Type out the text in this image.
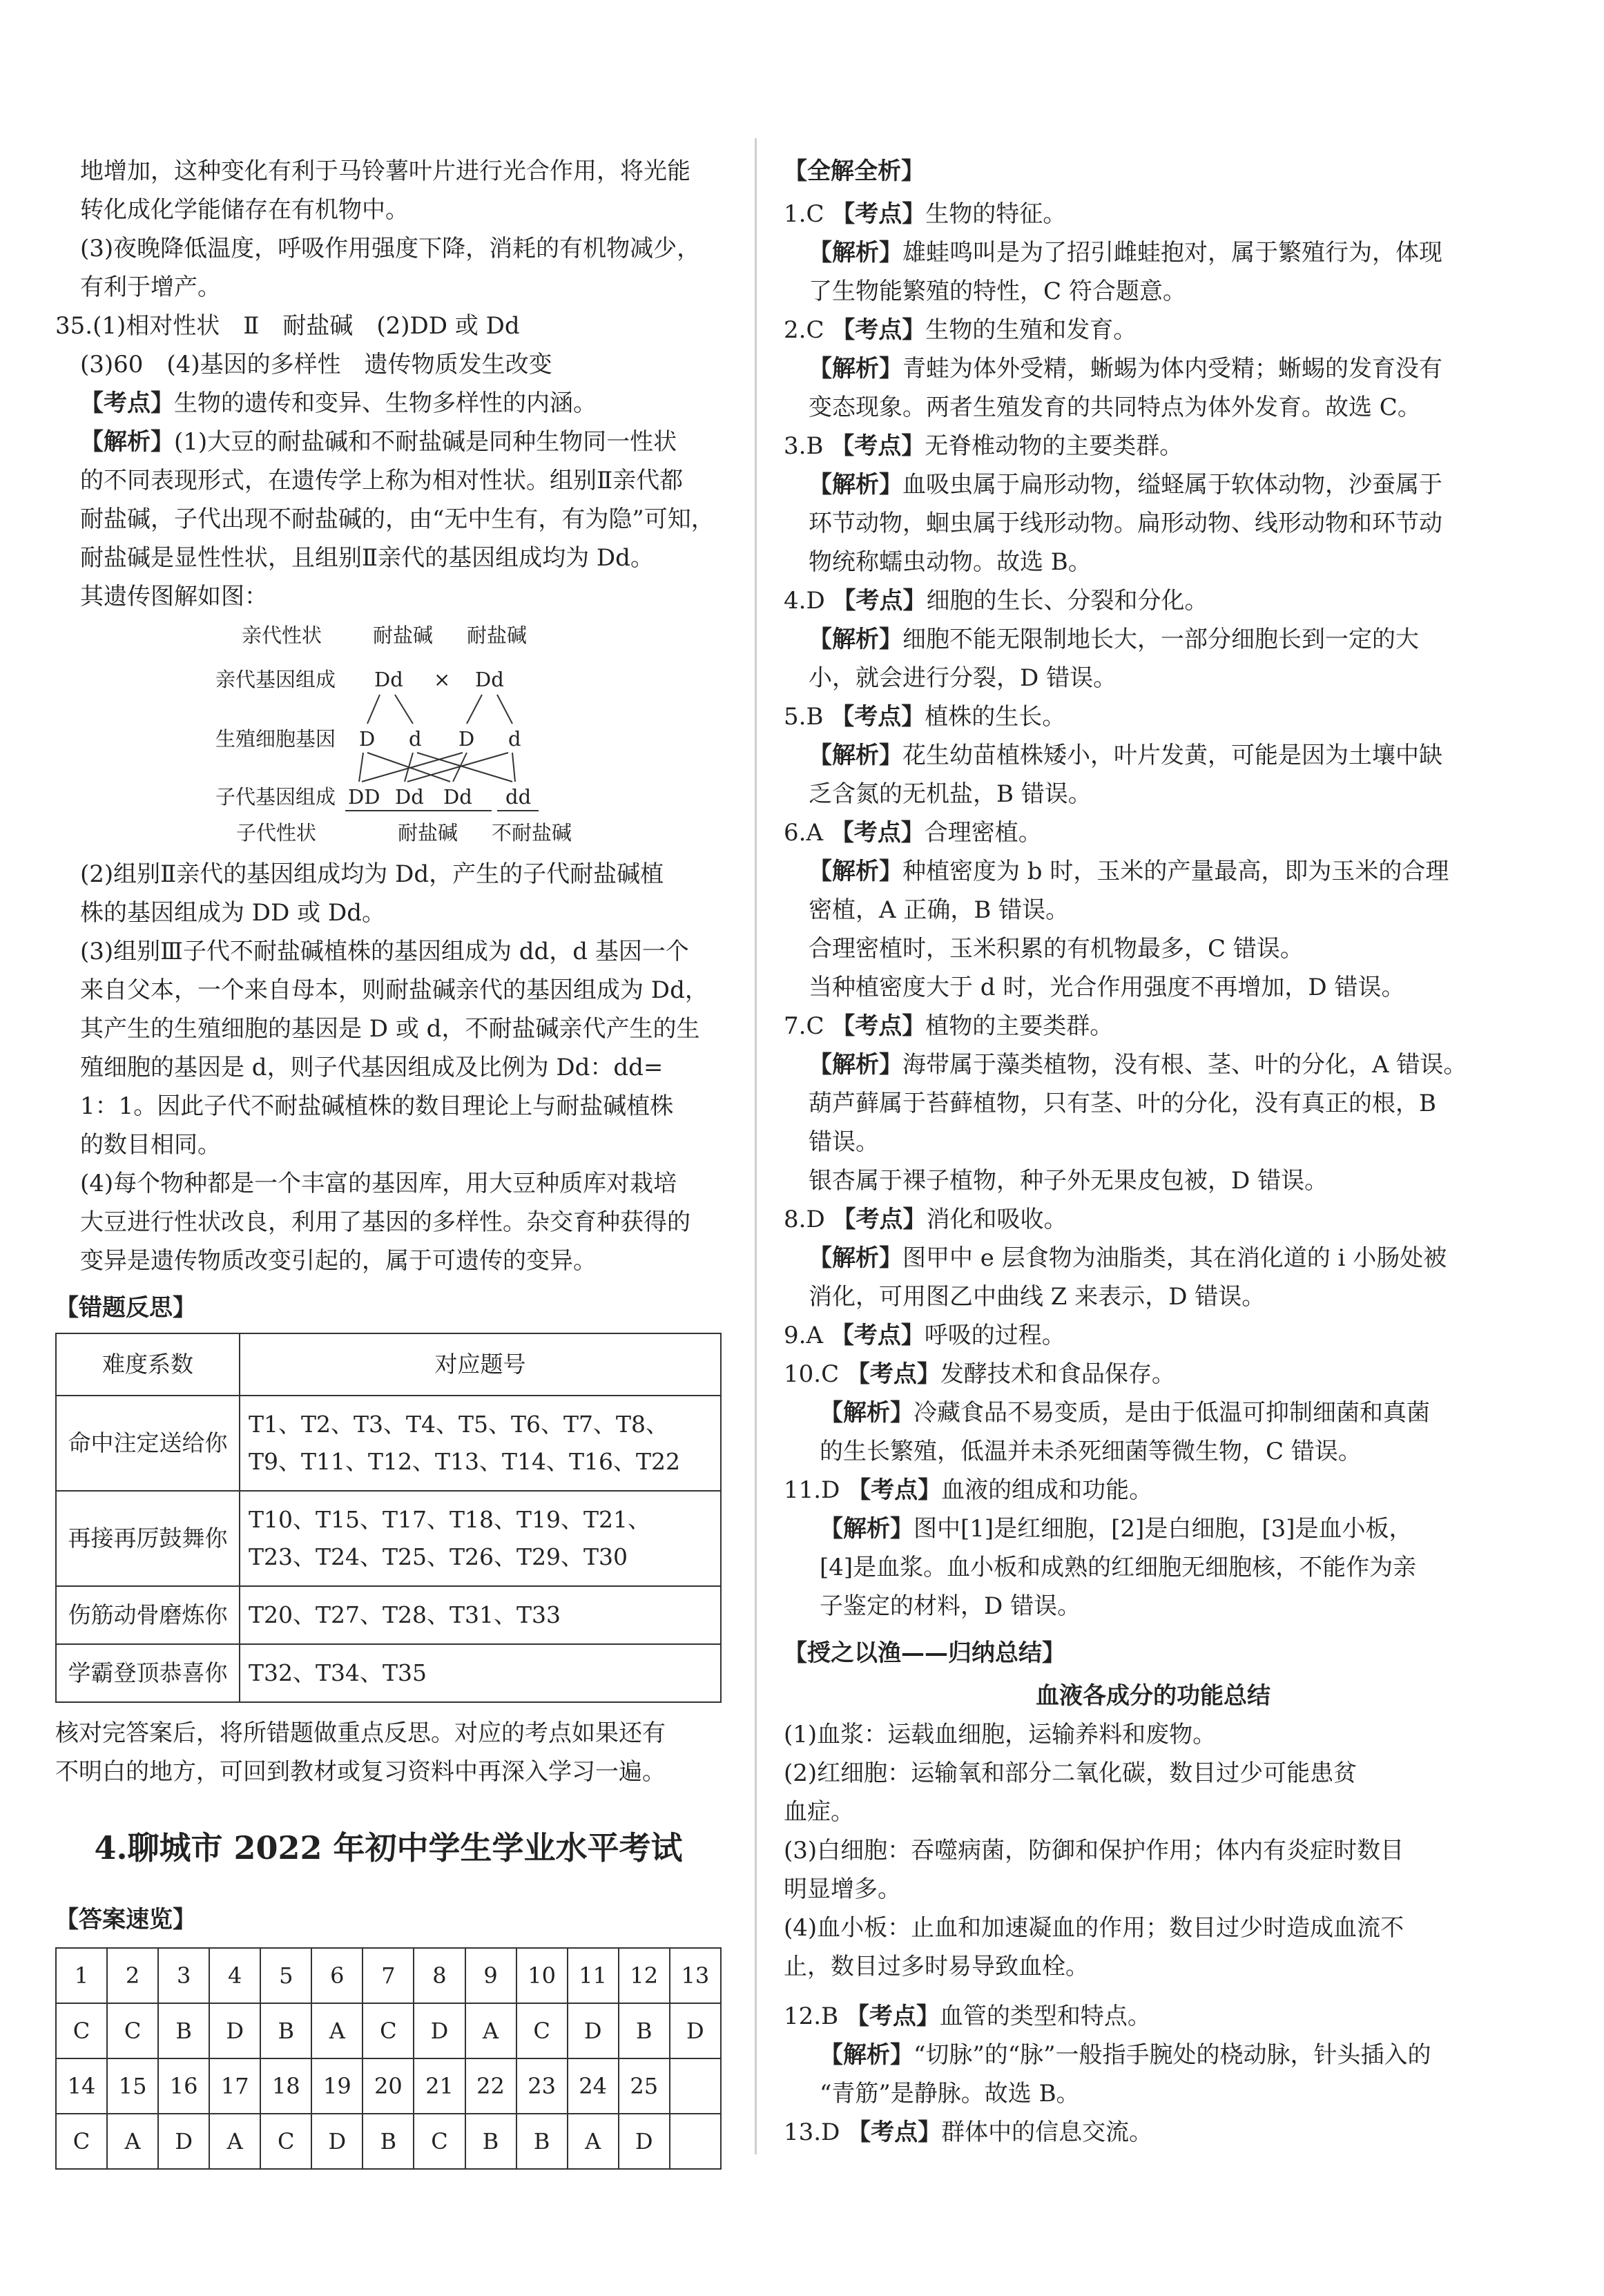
地增加，这种变化有利于马铃薯叶片进行光合作用，将光能

转化成化学能储存在有机物中。

(3)夜晚降低温度，呼吸作用强度下降，消耗的有机物减少，

有利于增产。

35.(1)相对性状　Ⅱ　耐盐碱　(2)DD 或 Dd

(3)60　(4)基因的多样性　遗传物质发生改变

【考点】生物的遗传和变异、生物多样性的内涵。

【解析】(1)大豆的耐盐碱和不耐盐碱是同种生物同一性状

的不同表现形式，在遗传学上称为相对性状。组别Ⅱ亲代都

耐盐碱，子代出现不耐盐碱的，由“无中生有，有为隐”可知，

耐盐碱是显性性状，且组别Ⅱ亲代的基因组成均为 Dd。

其遗传图解如图：

亲代性状	耐盐碱 耐盐碱
亲代基因组成 Dd × Dd
生殖细胞基因 D d D d
子代基因组成 DD Dd Dd dd
子代性状	耐盐碱 不耐盐碱

(2)组别Ⅱ亲代的基因组成均为 Dd，产生的子代耐盐碱植

株的基因组成为 DD 或 Dd。

(3)组别Ⅲ子代不耐盐碱植株的基因组成为 dd，d 基因一个

来自父本，一个来自母本，则耐盐碱亲代的基因组成为 Dd，

其产生的生殖细胞的基因是 D 或 d，不耐盐碱亲代产生的生

殖细胞的基因是 d，则子代基因组成及比例为 Dd：dd=

1：1。因此子代不耐盐碱植株的数目理论上与耐盐碱植株

的数目相同。

(4)每个物种都是一个丰富的基因库，用大豆种质库对栽培

大豆进行性状改良，利用了基因的多样性。杂交育种获得的

变异是遗传物质改变引起的，属于可遗传的变异。

【错题反思】

难度系数	对应题号
命中注定送给你	T1、T2、T3、T4、T5、T6、T7、T8、T9、T11、T12、T13、T14、T16、T22
再接再厉鼓舞你	T10、T15、T17、T18、T19、T21、T23、T24、T25、T26、T29、T30
伤筋动骨磨炼你	T20、T27、T28、T31、T33
学霸登顶恭喜你	T32、T34、T35

核对完答案后，将所错题做重点反思。对应的考点如果还有

不明白的地方，可回到教材或复习资料中再深入学习一遍。

4.聊城市 2022 年初中学生学业水平考试

【答案速览】

1	2	3	4	5	6	7	8	9	10	11	12	13
C	C	B	D	B	A	C	D	A	C	D	B	D
14	15	16	17	18	19	20	21	22	23	24	25	
C	A	D	A	C	D	B	C	B	B	A	D	

【全解全析】

1.C 【考点】生物的特征。

【解析】雄蛙鸣叫是为了招引雌蛙抱对，属于繁殖行为，体现

了生物能繁殖的特性，C 符合题意。

2.C 【考点】生物的生殖和发育。

【解析】青蛙为体外受精，蜥蜴为体内受精；蜥蜴的发育没有

变态现象。两者生殖发育的共同特点为体外发育。故选 C。

3.B 【考点】无脊椎动物的主要类群。

【解析】血吸虫属于扁形动物，缢蛏属于软体动物，沙蚕属于

环节动物，蛔虫属于线形动物。扁形动物、线形动物和环节动

物统称蠕虫动物。故选 B。

4.D 【考点】细胞的生长、分裂和分化。

【解析】细胞不能无限制地长大，一部分细胞长到一定的大

小，就会进行分裂，D 错误。

5.B 【考点】植株的生长。

【解析】花生幼苗植株矮小，叶片发黄，可能是因为土壤中缺

乏含氮的无机盐，B 错误。

6.A 【考点】合理密植。

【解析】种植密度为 b 时，玉米的产量最高，即为玉米的合理

密植，A 正确，B 错误。

合理密植时，玉米积累的有机物最多，C 错误。

当种植密度大于 d 时，光合作用强度不再增加，D 错误。

7.C 【考点】植物的主要类群。

【解析】海带属于藻类植物，没有根、茎、叶的分化，A 错误。

葫芦藓属于苔藓植物，只有茎、叶的分化，没有真正的根，B

错误。

银杏属于裸子植物，种子外无果皮包被，D 错误。

8.D 【考点】消化和吸收。

【解析】图甲中 e 层食物为油脂类，其在消化道的 i 小肠处被

消化，可用图乙中曲线 Z 来表示，D 错误。

9.A 【考点】呼吸的过程。

10.C 【考点】发酵技术和食品保存。

【解析】冷藏食品不易变质，是由于低温可抑制细菌和真菌

的生长繁殖，低温并未杀死细菌等微生物，C 错误。

11.D 【考点】血液的组成和功能。

【解析】图中[1]是红细胞，[2]是白细胞，[3]是血小板，

[4]是血浆。血小板和成熟的红细胞无细胞核，不能作为亲

子鉴定的材料，D 错误。

【授之以渔——归纳总结】

血液各成分的功能总结

(1)血浆：运载血细胞，运输养料和废物。

(2)红细胞：运输氧和部分二氧化碳，数目过少可能患贫

血症。

(3)白细胞：吞噬病菌，防御和保护作用；体内有炎症时数目

明显增多。

(4)血小板：止血和加速凝血的作用；数目过少时造成血流不

止，数目过多时易导致血栓。

12.B 【考点】血管的类型和特点。

【解析】“切脉”的“脉”一般指手腕处的桡动脉，针头插入的

“青筋”是静脉。故选 B。

13.D 【考点】群体中的信息交流。
